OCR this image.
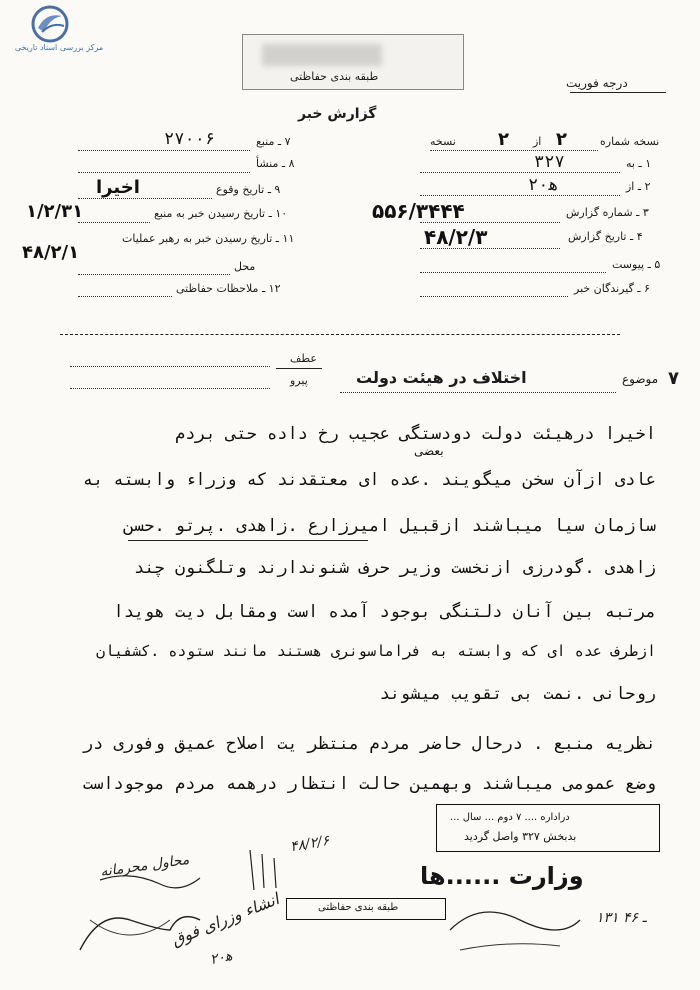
مرکز بررسی اسناد تاریخی
طبقه بندی حفاظتی	درجه فوریت
گزارش خبر
نسخه شماره
۲
از
۲
نسخه
۱ ـ به
۳۲۷
۲ ـ از
۲۰ه‍
۳ ـ شماره گزارش
۵۵۶/۳۴۴۴
۴ ـ تاریخ گزارش
۴۸/۲/۳
۵ ـ پیوست
۶ ـ گیرندگان خبر
۷ ـ منبع
۲۷۰۰۶
۸ ـ منشأ
۹ ـ تاریخ وقوع
اخیرا
۱۰ ـ تاریخ رسیدن خبر به منبع
۱/۲/۳۱
۱۱ ـ تاریخ رسیدن خبر به رهبر عملیات
۴۸/۲/۱
محل
۱۲ ـ ملاحظات حفاظتی
۷
موضوع
اختلاف در هیئت دولت
عطف
پیرو
اخیرا درهیئت دولت دودستگی عجیب رخ داده حتی بردم
بعضی
عادی ازآن سخن میگویند .عده ای معتقدند که وزراء وابسته به
سازمان سیا میباشند ازقبیل امیرزارع .زاهدی .پرتو .حسن
زاهدی .گودرزی ازنخست وزیر حرف شنوندارند وتلگنون چند
مرتبه بین آنان دلتنگی بوجود آمده است ومقابل دیت هویدا
ازطرف عده ای که وابسته به فراماسونری هستند مانند ستوده .کشفیان
روحانی .نمت بی تقویب میشوند
نظریه منبع . درحال حاضر مردم منتظر یت اصلاح عمیق وفوری در
وضع عمومی میباشند وبهمین حالت انتظار درهمه مردم موجوداست
دراداره .... ۷ دوم ... سال ...
بدبخش ۳۲۷ واصل گردید
وزارت ......ها
طبقه بندی حفاظتی
۱۳۱ ـ ۴۶
محاول محرمانه
انشاء وزرای فوق
۴۸/۲/۶
۲۰ه‍
